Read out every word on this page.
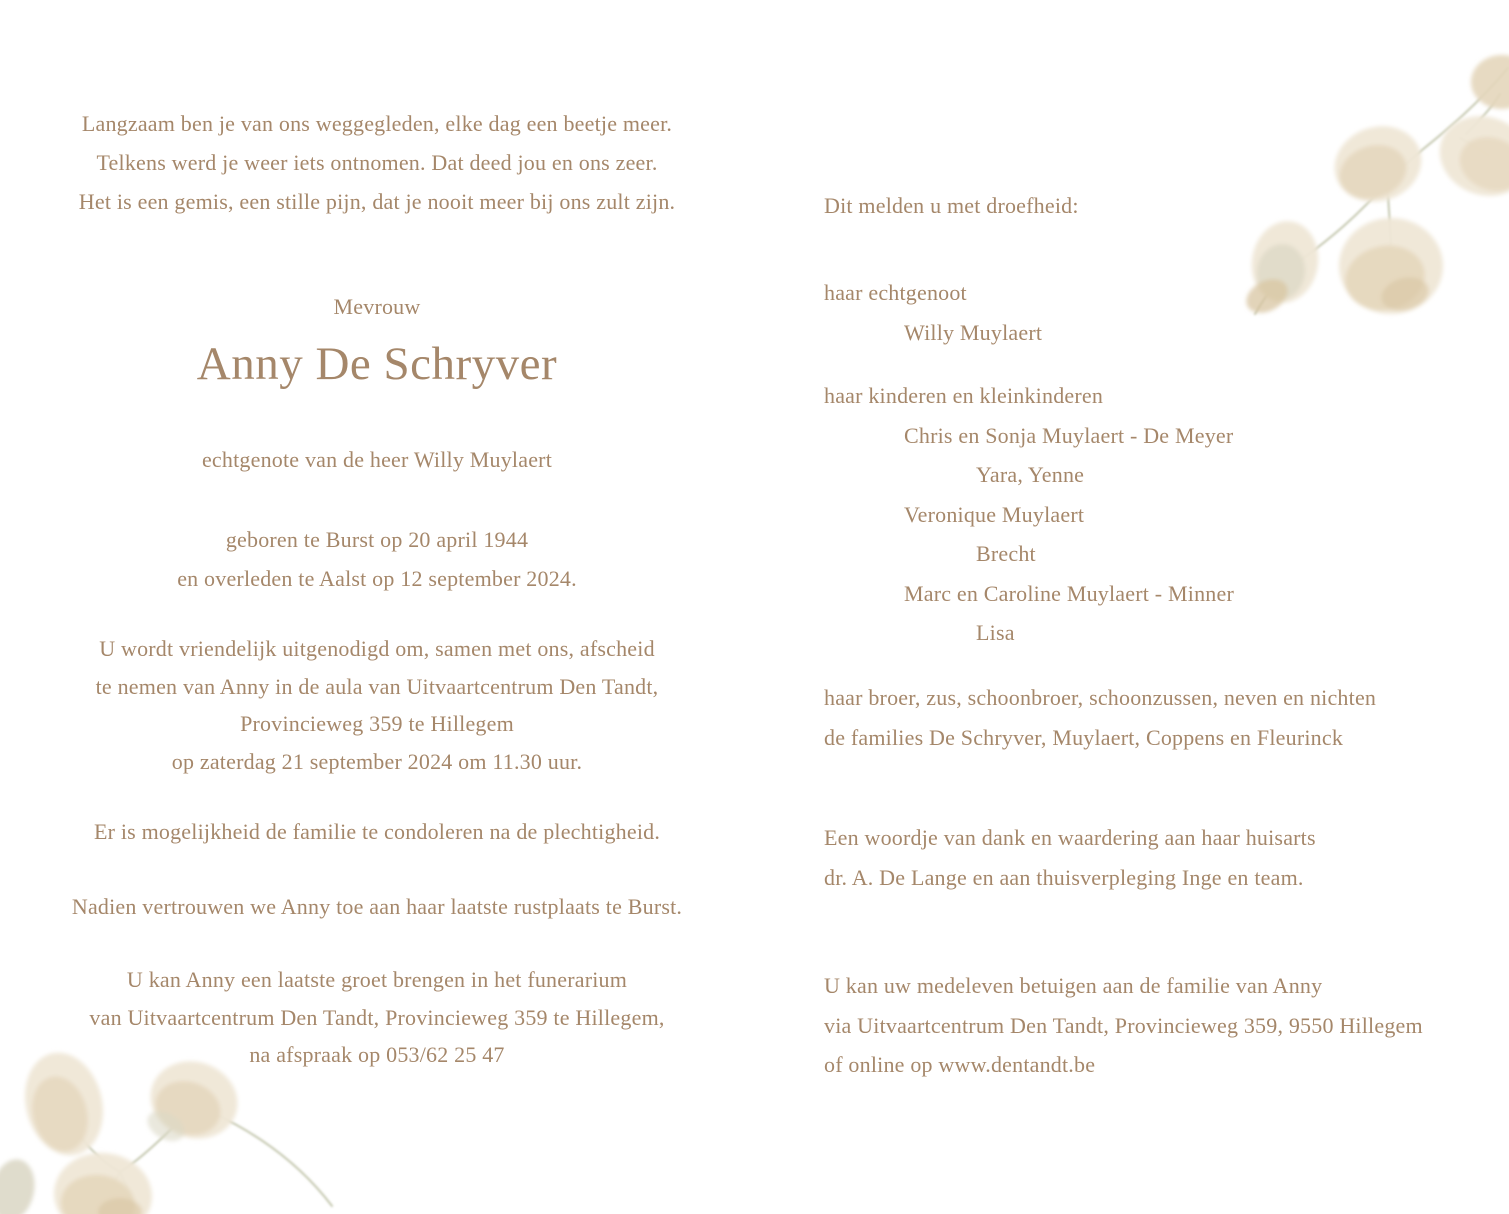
Langzaam ben je van ons weggegleden, elke dag een beetje meer.
Telkens werd je weer iets ontnomen. Dat deed jou en ons zeer.
Het is een gemis, een stille pijn, dat je nooit meer bij ons zult zijn.
Mevrouw
Anny De Schryver
echtgenote van de heer Willy Muylaert
geboren te Burst op 20 april 1944
en overleden te Aalst op 12 september 2024.
U wordt vriendelijk uitgenodigd om, samen met ons, afscheid
te nemen van Anny in de aula van Uitvaartcentrum Den Tandt,
Provincieweg 359 te Hillegem
op zaterdag 21 september 2024 om 11.30 uur.
Er is mogelijkheid de familie te condoleren na de plechtigheid.
Nadien vertrouwen we Anny toe aan haar laatste rustplaats te Burst.
U kan Anny een laatste groet brengen in het funerarium
van Uitvaartcentrum Den Tandt, Provincieweg 359 te Hillegem,
na afspraak op 053/62 25 47
Dit melden u met droefheid:
haar echtgenoot
Willy Muylaert
haar kinderen en kleinkinderen
Chris en Sonja Muylaert - De Meyer
Yara, Yenne
Veronique Muylaert
Brecht
Marc en Caroline Muylaert - Minner
Lisa
haar broer, zus, schoonbroer, schoonzussen, neven en nichten
de families De Schryver, Muylaert, Coppens en Fleurinck
Een woordje van dank en waardering aan haar huisarts
dr. A. De Lange en aan thuisverpleging Inge en team.
U kan uw medeleven betuigen aan de familie van Anny
via Uitvaartcentrum Den Tandt, Provincieweg 359, 9550 Hillegem
of online op www.dentandt.be
